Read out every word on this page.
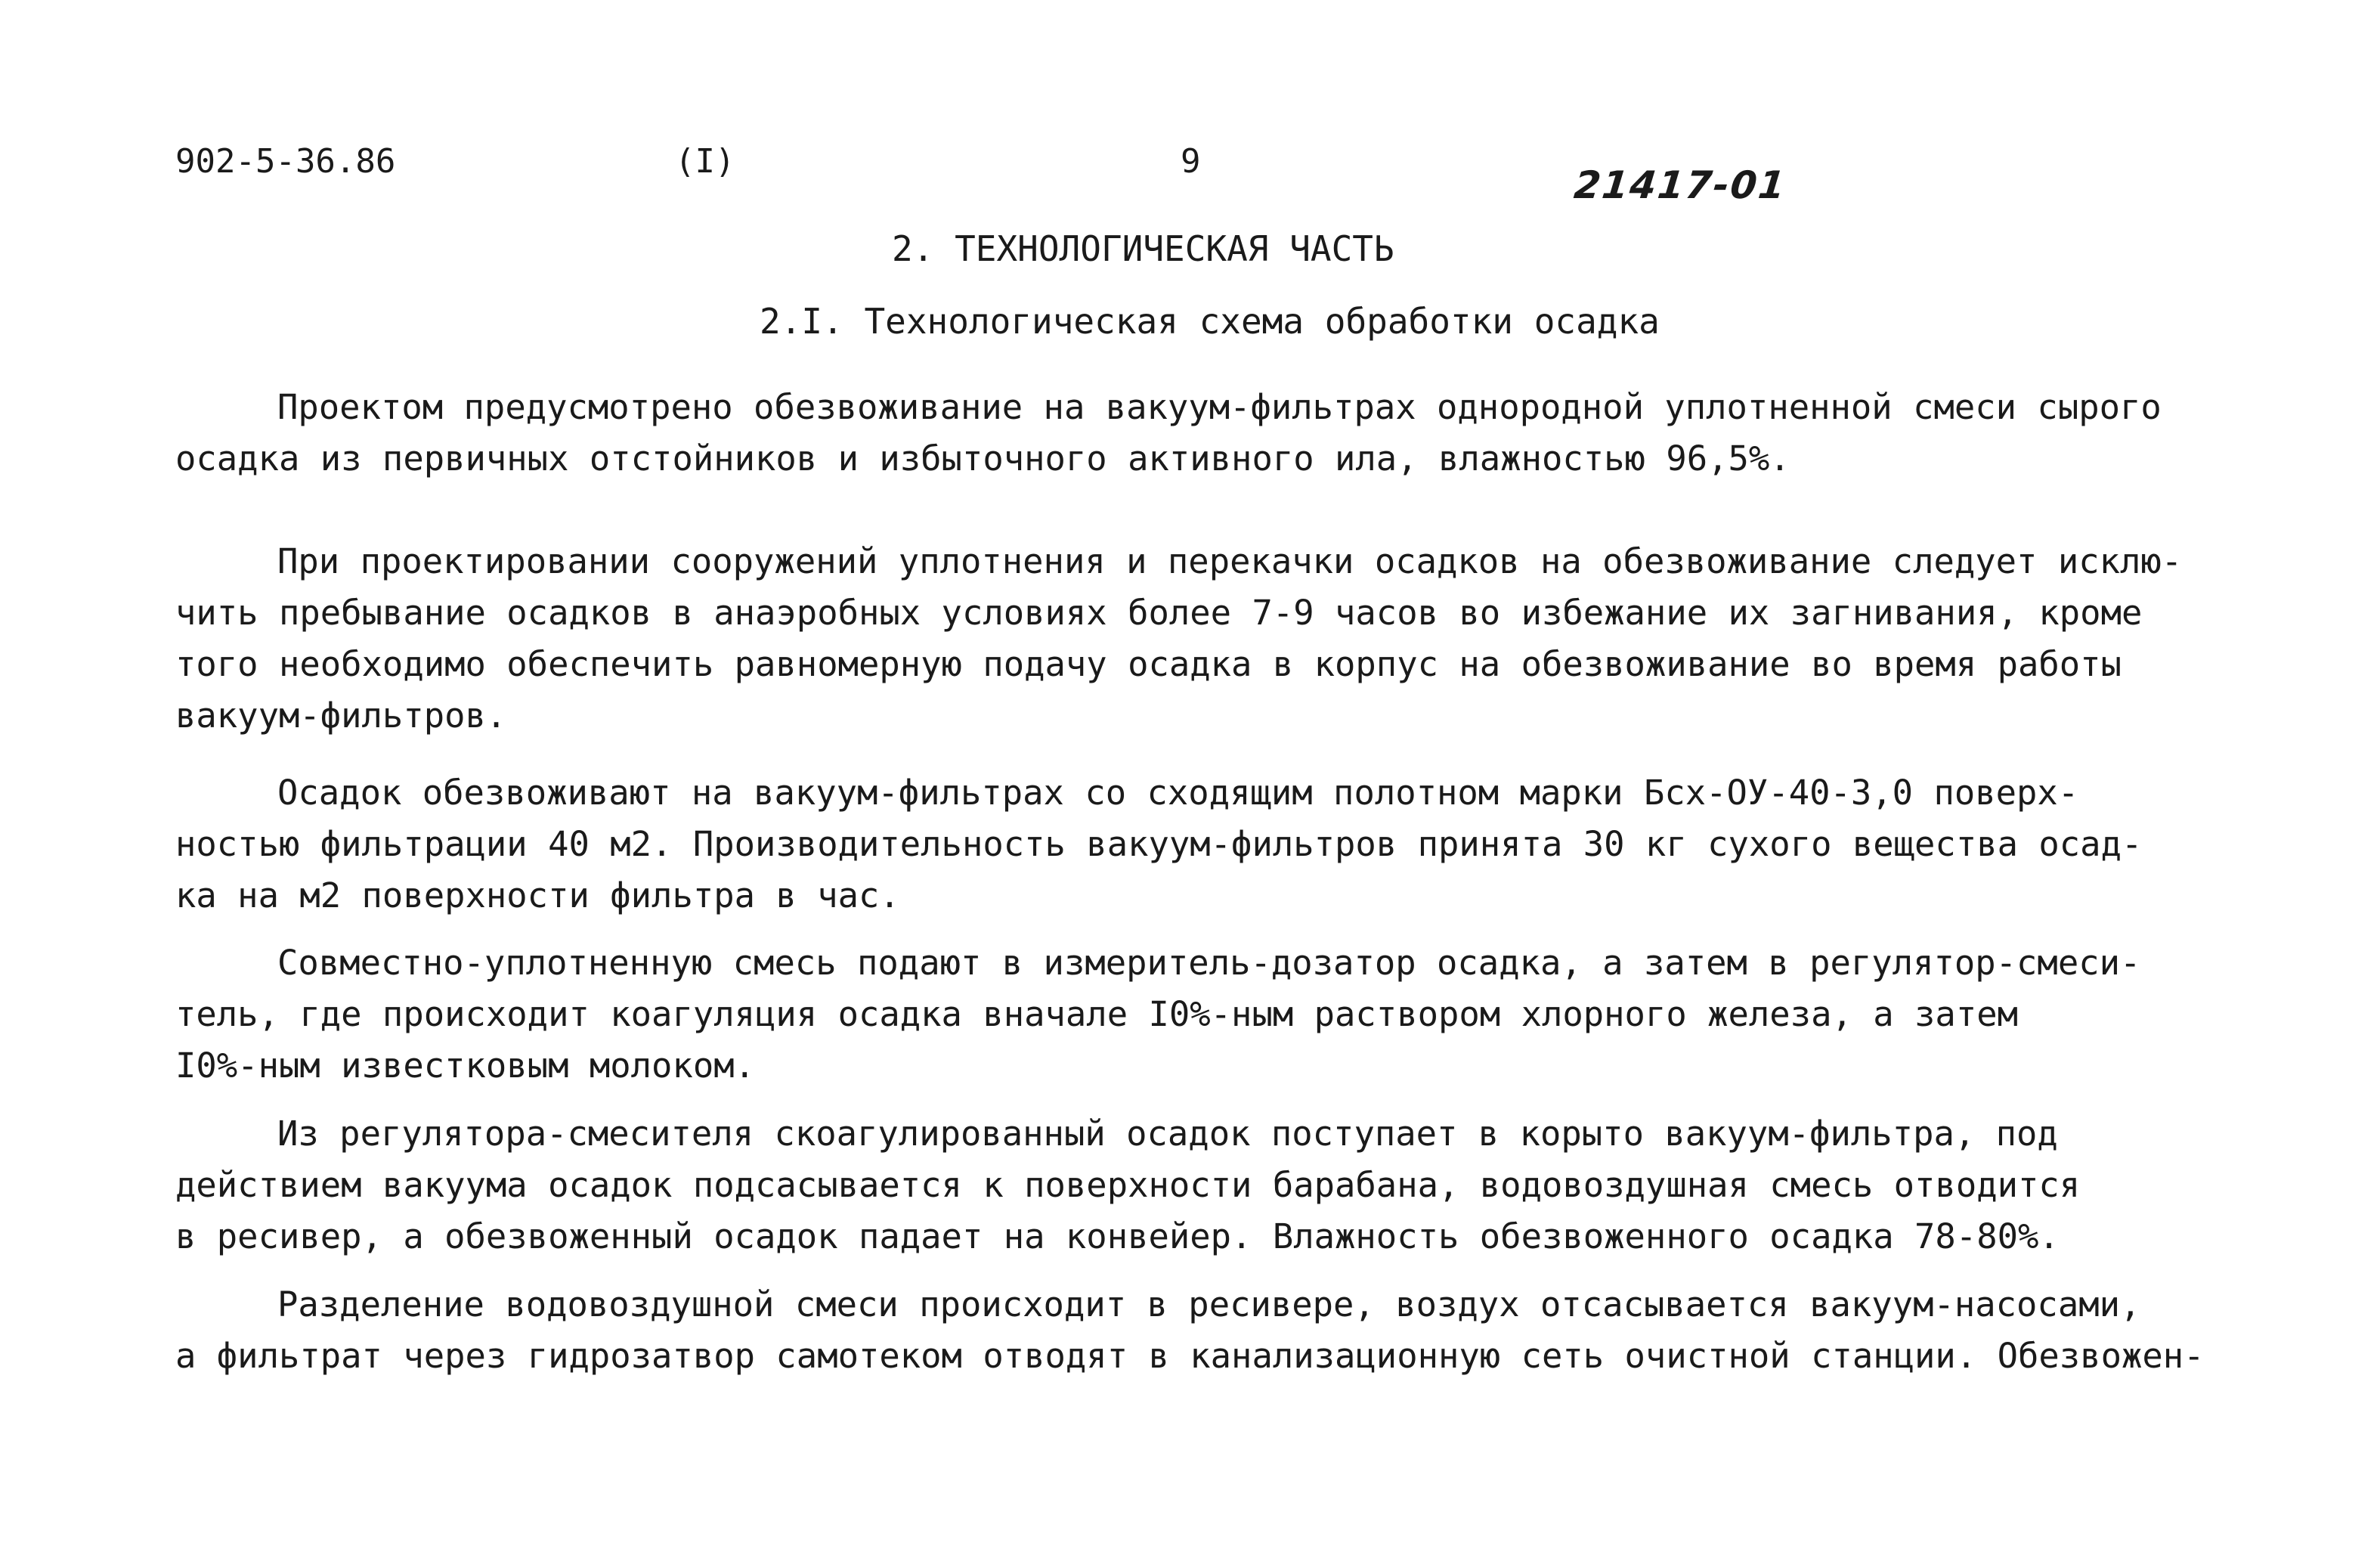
902-5-36.86	(I)	9
21417-01
2. ТЕХНОЛОГИЧЕСКАЯ ЧАСТЬ
2.I. Технологическая схема обработки осадка
Проектом предусмотрено обезвоживание на вакуум-фильтрах однородной уплотненной смеси сырого
осадка из первичных отстойников и избыточного активного ила, влажностью 96,5%.
При проектировании сооружений уплотнения и перекачки осадков на обезвоживание следует исклю-
чить пребывание осадков в анаэробных условиях более 7-9 часов во избежание их загнивания, кроме
того необходимо обеспечить равномерную подачу осадка в корпус на обезвоживание во время работы
вакуум-фильтров.
Осадок обезвоживают на вакуум-фильтрах со сходящим полотном марки Бсх-ОУ-40-3,0 поверх-
ностью фильтрации 40 м2. Производительность вакуум-фильтров принята 30 кг сухого вещества осад-
ка на м2 поверхности фильтра в час.
Совместно-уплотненную смесь подают в измеритель-дозатор осадка, а затем в регулятор-смеси-
тель, где происходит коагуляция осадка вначале I0%-ным раствором хлорного железа, а затем
I0%-ным известковым молоком.
Из регулятора-смесителя скоагулированный осадок поступает в корыто вакуум-фильтра, под
действием вакуума осадок подсасывается к поверхности барабана, водовоздушная смесь отводится
в ресивер, а обезвоженный осадок падает на конвейер. Влажность обезвоженного осадка 78-80%.
Разделение водовоздушной смеси происходит в ресивере, воздух отсасывается вакуум-насосами,
а фильтрат через гидрозатвор самотеком отводят в канализационную сеть очистной станции. Обезвожен-
